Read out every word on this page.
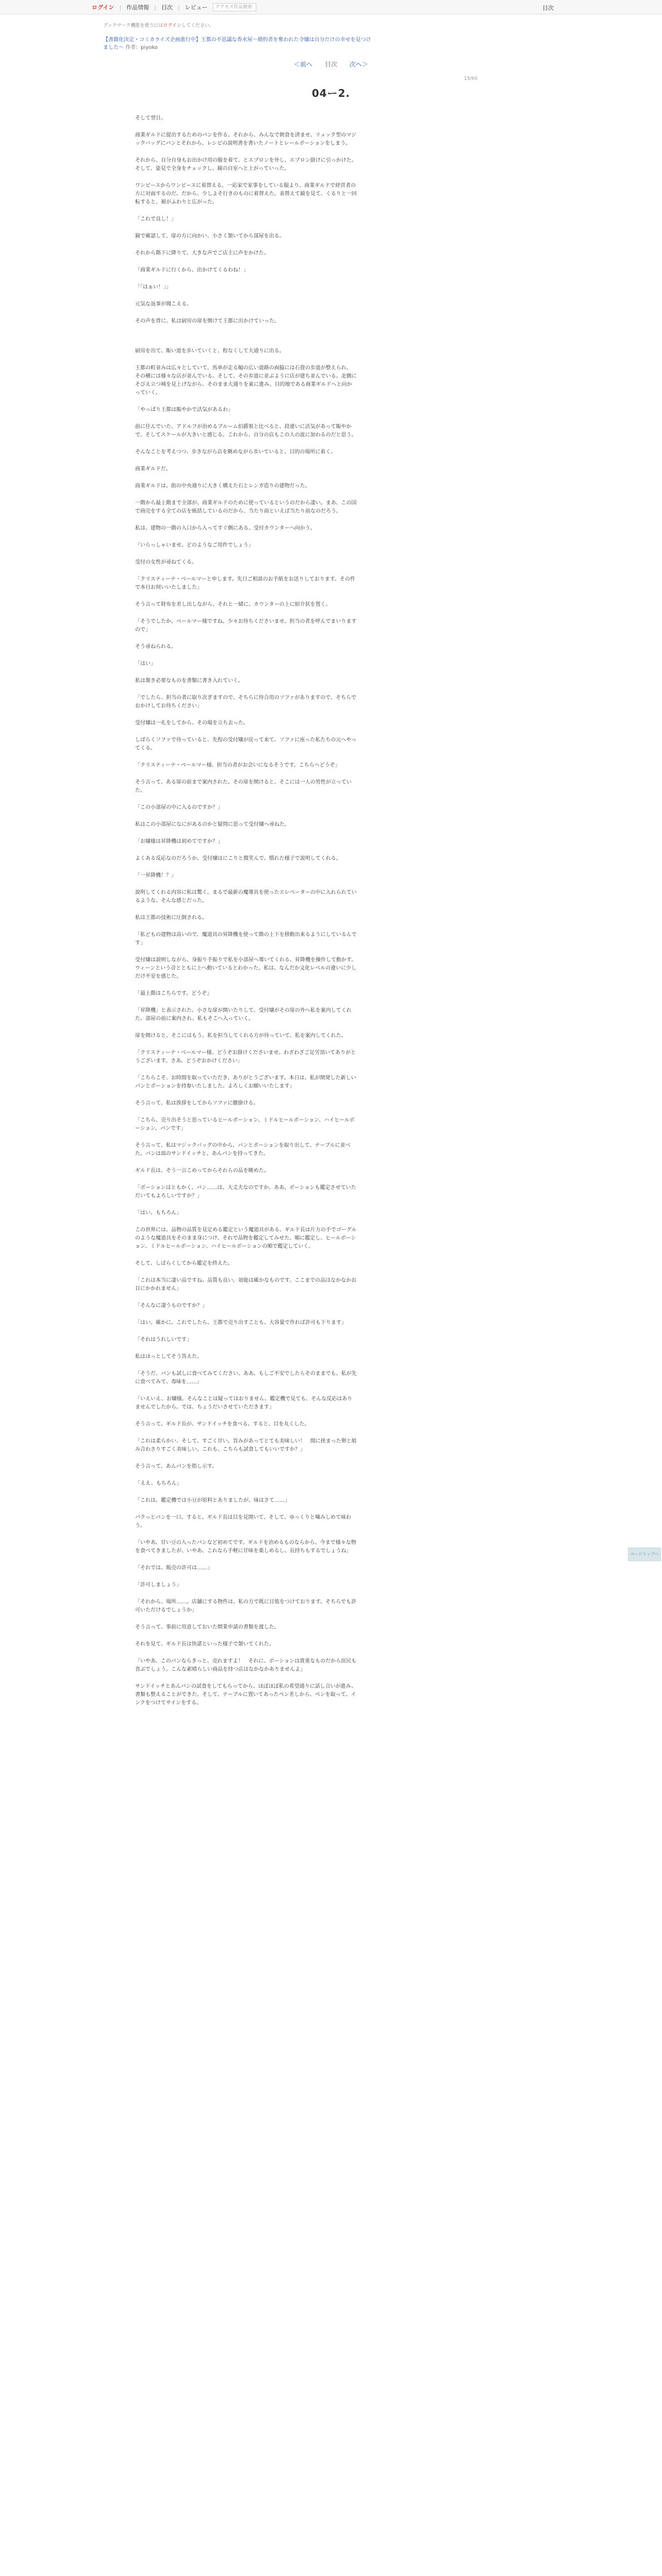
ログイン | 作品情報 | 目次 | レビュー	アクセス作品検索	目次
ブックマーク機能を使うにはログインしてください。
【書籍化決定・コミカライズ企画進行中】王都の不思議な香水屋〜婚約者を奪われた令嬢は自分だけの幸せを見つけました〜 作者：piyoko
＜前へ 目次 次へ＞
15/60
04ー2.

そして翌日。

商業ギルドに提出するためのパンを作る。それから、みんなで朝食を済ませ、リュック型のマジックバッグにパンとそれから、レシピの説明書を書いたノートとレールポーションをしまう。

それから、自分自身もお出かけ用の服を着て、とエプロンを外し、エプロン掛けに引っかけた。そして、姿見で全身をチェックし、鏡の自室へと上がっていった。

ワンピースからワンピースに着替える。一応家で家事をしている服より、商業ギルドで経営者の方に対面するのだ。だから、少しよそ行きのものに着替えた。表替えて鏡を見て、くるりと一回転すると、裾がふわりと広がった。

「これで良し！」

鏡で確認して、扉の方に向かい、小さく頷いてから部屋を出る。

それから階下に降りて、大きな声でご店主に声をかけた。

「商業ギルドに行くから、出かけてくるわね！」

「「はぁい！」」

元気な返事が聞こえる。

その声を背に、私は厨房の扉を開けて王都に出かけていった。

厨房を出て、賑い道を歩いていくと、程なくして大通りに出る。

王都の町並みは広々としていて、馬車が走る幅の広い道路の両脇には石畳の歩道が整えられ、その横には様々な店が並んでいる。そして、その歩道に並ぶように店が建ち並んでいる。北側にそびえ立つ城を見上げながら、そのまま大通りを東に進み、目的地である商業ギルドへと向かっていく。

「やっぱり王都は賑やかで活気があるわ」

前に住んでいた、アドルフが治めるブルーム伯爵領と比べると、段違いに活気があって賑やかで、そしてスケールが大きいと感じる。これから、自分の店もこの人の波に加わるのだと思う。

そんなことを考えつつ、歩きながら店を眺めながら歩いていると、目的の場所に着く。

商業ギルドだ。

商業ギルドは、街の中央通りに大きく構えた石とレンガ造りの建物だった。

一階から最上階まで全部が、商業ギルドのために使っているというのだから凄い。まあ、この国で商売をする全ての店を統括しているのだから、当たり前といえば当たり前なのだろう。

私は、建物の一階の入口から入ってすぐ側にある、受付カウンターへ向かう。

「いらっしゃいませ。どのようなご用件でしょう」

受付の女性が尋ねてくる。

「クリスティーナ・ベールマーと申します。先日ご相談のお手紙をお送りしております。その件で本日お伺いいたしました」

そう言って財布を差し出しながら、それと一緒に、カウンターの上に紹介状を置く。

「そうでしたか。ベールマー様ですね。少々お待ちくださいませ。担当の者を呼んでまいりますので」

そう尋ねられる。

「はい」

私は頷き必要なものを書類に書き入れていく。

「でしたら、担当の者に取り次ぎますので、そちらに待合用のソファがありますので、そちらでおかけしてお待ちください」

受付嬢は一礼をしてから、その場を立ち去った。

しばらくソファで待っていると、先程の受付嬢が戻って来て、ソファに座った私たちの元へやってくる。

「クリスティーナ・ベールマー様、担当の者がお会いになるそうです。こちらへどうぞ」

そう言って、ある扉の前まで案内された。その扉を開けると、そこには一人の男性が立っていた。

「この小部屋の中に入るのですか？」

私はこの小部屋になにがあるのかと疑問に思って受付嬢へ尋ねた。

「お嬢様は昇降機は初めてですか？」

よくある反応なのだろうか。受付嬢はにこりと微笑んで、慣れた様子で説明してくれる。

「一昇降機！？」

説明してくれる内容に私は驚く。まるで最新の魔導具を使ったエレベーターの中に入れられているような、そんな感じだった。

私は王都の技術に圧倒される。

「私どもの建物は高いので、魔道具の昇降機を使って階の上下を移動出来るようにしているんです」

受付嬢は説明しながら、身振り手振りで私を小部屋へ導いてくれる。昇降機を操作して動かす。ウィーンという音とともに上へ動いているとわかった。私は、なんだか文化レベルの違いに少しだけ不安を感じた。

「最上階はこちらです。どうぞ」

「昇降機」と表示された、小さな扉が開いたりして、受付嬢がその扉の外へ私を案内してくれた。部屋の前に案内され、私もそこへ入っていく。

扉を開けると、そこにはもう、私を担当してくれる方が待っていて、私を案内してくれた。

「クリスティーナ・ベールマー様、どうぞお掛けくださいませ。わざわざご足労頂いてありがとうございます。さあ、どうぞおかけください」

「こちらこそ、お時間を取っていただき、ありがとうございます。本日は、私が開発した新しいパンとポーションを持参いたしました。よろしくお願いいたします」

そう言って、私は挨拶をしてからソファに腰掛ける。

「こちら、売り出そうと思っているヒールポーション、ミドルヒールポーション、ハイヒールポーション、パンです」

そう言って、私はマジックバッグの中から、パンとポーションを取り出して、テーブルに並べた。パンは皿のサンドイッチと、あんパンを持ってきた。

ギルド長は、そう一言こめってからそれらの品を眺めた。

「ポーションはともかく、パン……は。大丈夫なのですか。ああ、ポーションも鑑定させていただいてもよろしいですか？」

「はい、もちろん」

この世界には、品物の品質を見定める鑑定という魔道具がある。ギルド長は片方の手でゴーグルのような魔道具をそのまま身につけ、それで品物を鑑定してみせた。順に鑑定し、ヒールポーション、ミドルヒールポーション、ハイヒールポーションの順で鑑定していく。

そして、しばらくしてから鑑定を終えた。

「これは本当に凄い品ですね。品質も良い。効能は確かなものです。ここまでの品はなかなかお目にかかれません」

「そんなに凄うものですか？」

「はい。確かに。これでしたら、王都で売り出すことも、大容量で作れば許可も下ります」

「それはうれしいです」

私はほっとしてそう答えた。

「そうだ、パンも試しに食べてみてください。ああ、もしご不安でしたらそのままでも、私が先に食べてみて、毒味を……」

「いえいえ、お嬢様。そんなことは疑ってはおりません。鑑定機で見ても、そんな反応はありませんでしたから。では、ちょうだいさせていただきます」

そう言って、ギルド長が、サンドイッチを食べる。すると、目を丸くした。

「これは柔らかい、そして、すごく甘い。旨みがあってとても美味しい！　間に挟まった卵と組み合わさりすごく美味しい。これも、こちらも試食してもいいですか？」

そう言って、あんパンを指し示す。

「ええ、もちろん」

「これは、鑑定機では小豆が原料とありましたが、味はさて……」

パクっとパンを一口。すると、ギルド長は目を見開いて、そして、ゆっくりと噛みしめて味わう。

「いやあ、甘い豆の入ったパンなど初めてです。ギルドを治めるものならから、今まで様々な物を食べてきましたが、いやあ、これなら手軽に甘味を楽しめるし、長持ちもするでしょうね」

「それでは、販売の許可は……」

「許可しましょう」

「それから、場所……。店舗にする物件は、私の方で既に目処をつけております。そちらでも許可いただけるでしょうか」

そう言って、事前に用意しておいた開業申請の書類を渡した。

それを見て、ギルド長は快諾といった様子で頷いてくれた。

「いやあ、このパンならきっと、売れますよ！　それに、ポーションは貴重なものだから庶民も喜ぶでしょう。こんな素晴らしい商品を持つ店はなかなかありませんよ」

サンドイッチとあんパンの試食をしてもらってから、ほぼほぼ私の希望通りに話し合いが進み、書類も整えることができた。そして、テーブルに置いてあったペン差しから、ペンを取って、インクをつけてサインをする。

ページトップへ
